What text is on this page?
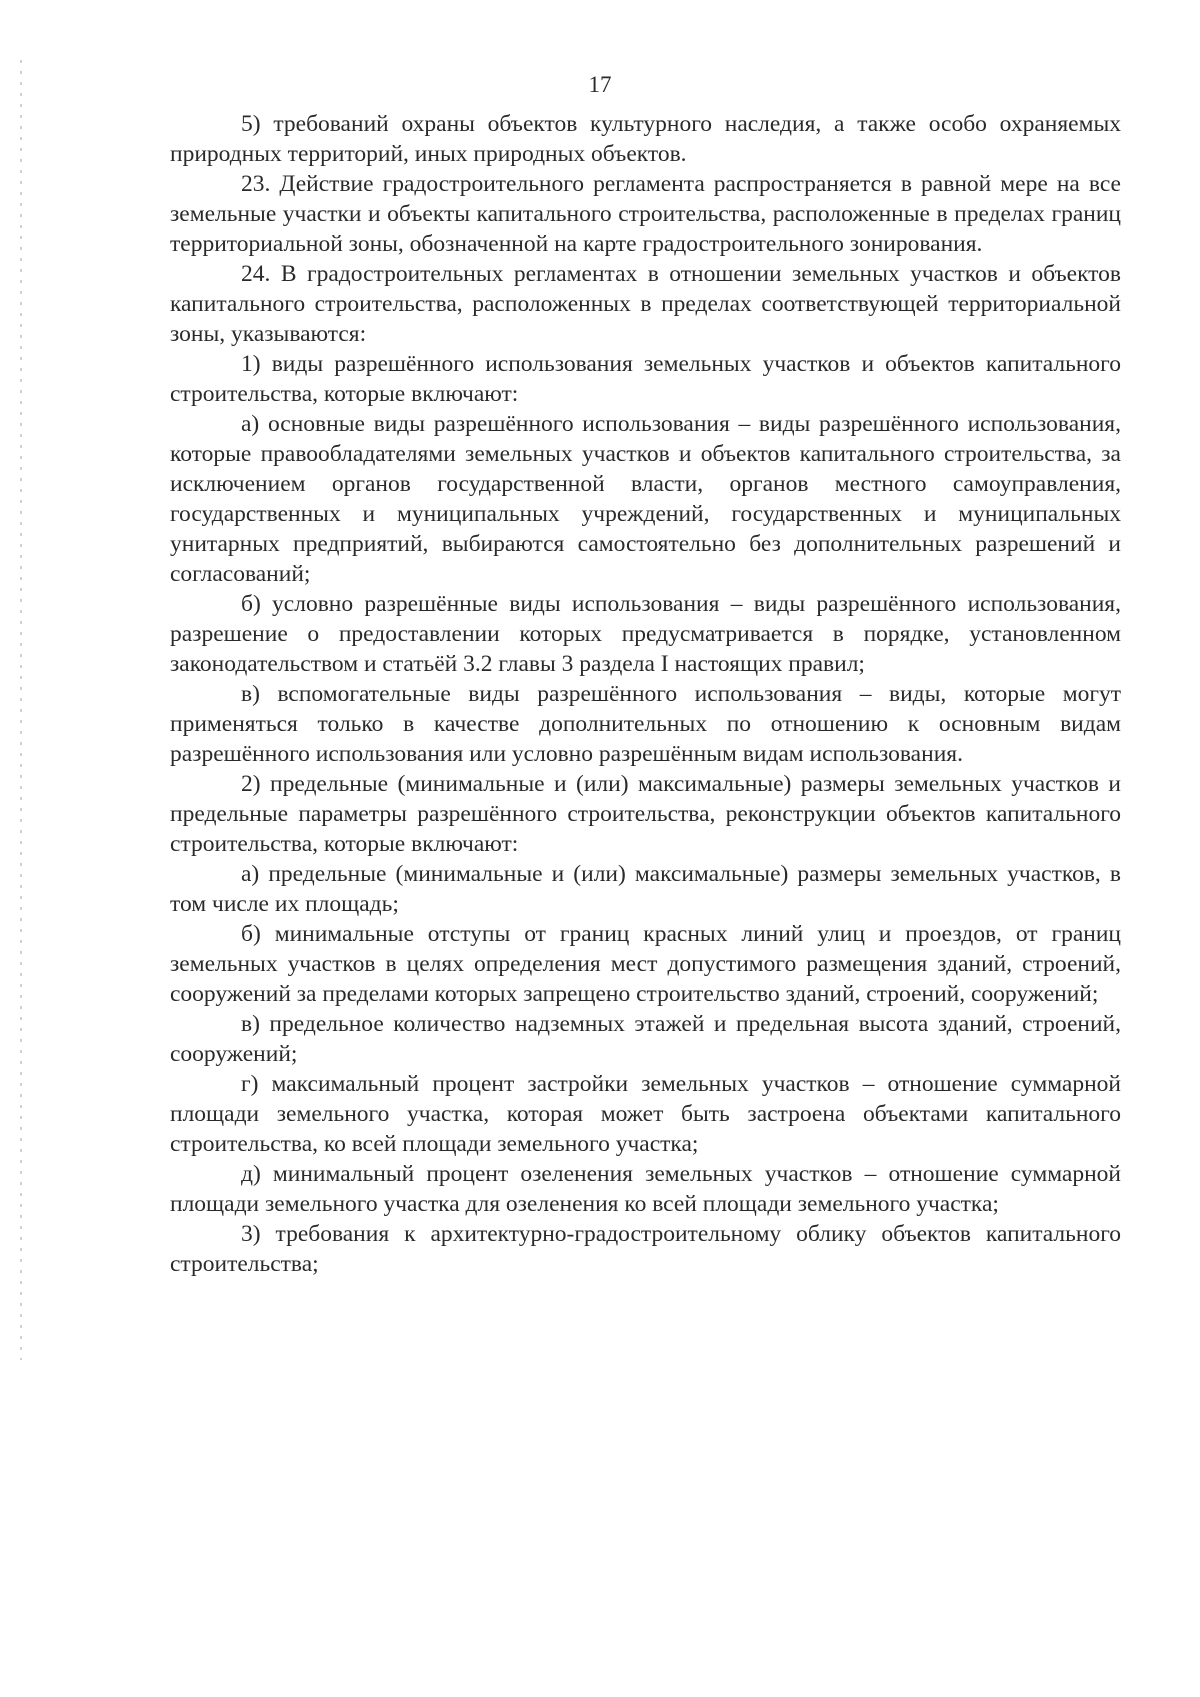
17

5) требований охраны объектов культурного наследия, а также особо охраняемых природных территорий, иных природных объектов.

23. Действие градостроительного регламента распространяется в равной мере на все земельные участки и объекты капитального строительства, расположенные в пределах границ территориальной зоны, обозначенной на карте градостроительного зонирования.

24. В градостроительных регламентах в отношении земельных участков и объектов капитального строительства, расположенных в пределах соответствующей территориальной зоны, указываются:

1) виды разрешённого использования земельных участков и объектов капитального строительства, которые включают:

а) основные виды разрешённого использования – виды разрешённого использования, которые правообладателями земельных участков и объектов капитального строительства, за исключением органов государственной власти, органов местного самоуправления, государственных и муниципальных учреждений, государственных и муниципальных унитарных предприятий, выбираются самостоятельно без дополнительных разрешений и согласований;

б) условно разрешённые виды использования – виды разрешённого использования, разрешение о предоставлении которых предусматривается в порядке, установленном законодательством и статьёй 3.2 главы 3 раздела I настоящих правил;

в) вспомогательные виды разрешённого использования – виды, которые могут применяться только в качестве дополнительных по отношению к основным видам разрешённого использования или условно разрешённым видам использования.

2) предельные (минимальные и (или) максимальные) размеры земельных участков и предельные параметры разрешённого строительства, реконструкции объектов капитального строительства, которые включают:

а) предельные (минимальные и (или) максимальные) размеры земельных участков, в том числе их площадь;

б) минимальные отступы от границ красных линий улиц и проездов, от границ земельных участков в целях определения мест допустимого размещения зданий, строений, сооружений за пределами которых запрещено строительство зданий, строений, сооружений;

в) предельное количество надземных этажей и предельная высота зданий, строений, сооружений;

г) максимальный процент застройки земельных участков – отношение суммарной площади земельного участка, которая может быть застроена объектами капитального строительства, ко всей площади земельного участка;

д) минимальный процент озеленения земельных участков – отношение суммарной площади земельного участка для озеленения ко всей площади земельного участка;

3) требования к архитектурно-градостроительному облику объектов капитального строительства;
